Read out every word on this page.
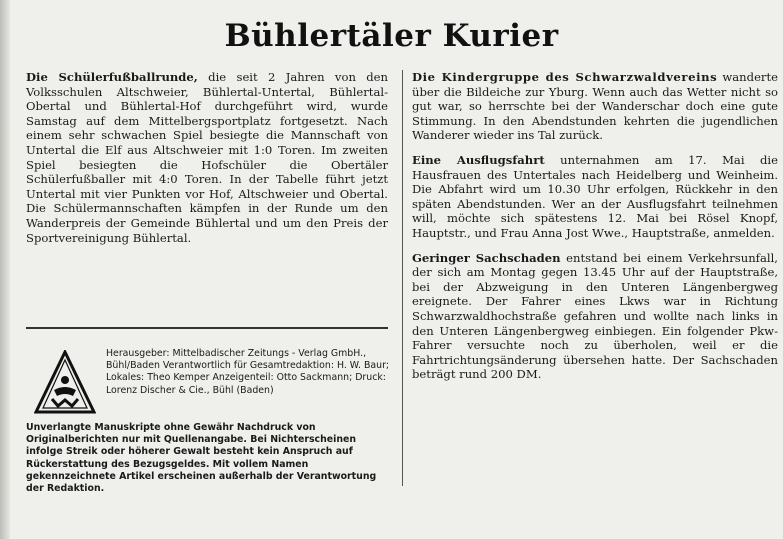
Bühlertäler Kurier

Die Schülerfußballrunde, die seit 2 Jahren von den Volksschulen Altschweier, Bühlertal-Untertal, Bühlertal-Obertal und Bühlertal-Hof durchgeführt wird, wurde Samstag auf dem Mittelbergsportplatz fortgesetzt. Nach einem sehr schwachen Spiel besiegte die Mannschaft von Untertal die Elf aus Altschweier mit 1:0 Toren. Im zweiten Spiel besiegten die Hofschüler die Obertäler Schülerfußballer mit 4:0 Toren. In der Tabelle führt jetzt Untertal mit vier Punkten vor Hof, Altschweier und Obertal. Die Schülermannschaften kämpfen in der Runde um den Wanderpreis der Gemeinde Bühlertal und um den Preis der Sportvereinigung Bühlertal.

Herausgeber: Mittelbadischer Zeitungs - Verlag GmbH., Bühl/Baden Verantwortlich für Gesamtredaktion: H. W. Baur; Lokales: Theo Kemper Anzeigenteil: Otto Sackmann; Druck: Lorenz Discher & Cie., Bühl (Baden)
Unverlangte Manuskripte ohne Gewähr Nachdruck von Originalberichten nur mit Quellenangabe. Bei Nichterscheinen infolge Streik oder höherer Gewalt besteht kein Anspruch auf Rückerstattung des Bezugsgeldes. Mit vollem Namen gekennzeichnete Artikel erscheinen außerhalb der Verantwortung der Redaktion.

Die Kindergruppe des Schwarzwaldvereins wanderte über die Bildeiche zur Yburg. Wenn auch das Wetter nicht so gut war, so herrschte bei der Wanderschar doch eine gute Stimmung. In den Abendstunden kehrten die jugendlichen Wanderer wieder ins Tal zurück.

Eine Ausflugsfahrt unternahmen am 17. Mai die Hausfrauen des Untertales nach Heidelberg und Weinheim. Die Abfahrt wird um 10.30 Uhr erfolgen, Rückkehr in den späten Abendstunden. Wer an der Ausflugsfahrt teilnehmen will, möchte sich spätestens 12. Mai bei Rösel Knopf, Hauptstr., und Frau Anna Jost Wwe., Hauptstraße, anmelden.

Geringer Sachschaden entstand bei einem Verkehrsunfall, der sich am Montag gegen 13.45 Uhr auf der Hauptstraße, bei der Abzweigung in den Unteren Längenbergweg ereignete. Der Fahrer eines Lkws war in Richtung Schwarzwaldhochstraße gefahren und wollte nach links in den Unteren Längenbergweg einbiegen. Ein folgender Pkw-Fahrer versuchte noch zu überholen, weil er die Fahrtrichtungsänderung übersehen hatte. Der Sachschaden beträgt rund 200 DM.
